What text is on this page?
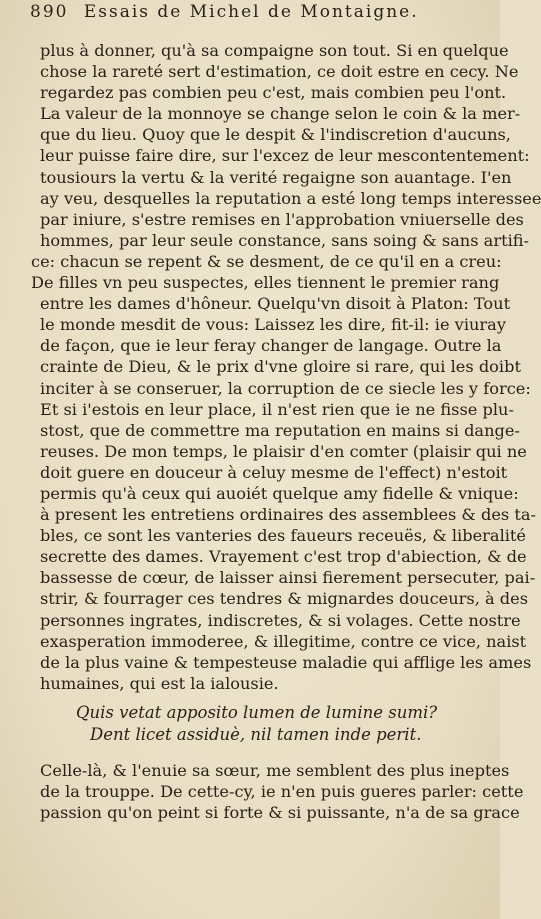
890 Essais de Michel de Montaigne.
plus à donner, qu'à sa compaigne son tout. Si en quelque
chose la rareté sert d'estimation, ce doit estre en cecy. Ne
regardez pas combien peu c'est, mais combien peu l'ont.
La valeur de la monnoye se change selon le coin & la mer-
que du lieu. Quoy que le despit & l'indiscretion d'aucuns,
leur puisse faire dire, sur l'excez de leur mescontentement:
tousiours la vertu & la verité regaigne son auantage. I'en
ay veu, desquelles la reputation a esté long temps interessee
par iniure, s'estre remises en l'approbation vniuerselle des
hommes, par leur seule constance, sans soing & sans artifi-
ce: chacun se repent & se desment, de ce qu'il en a creu:
De filles vn peu suspectes, elles tiennent le premier rang
entre les dames d'hôneur. Quelqu'vn disoit à Platon: Tout
le monde mesdit de vous: Laissez les dire, fit-il: ie viuray
de façon, que ie leur feray changer de langage. Outre la
crainte de Dieu, & le prix d'vne gloire si rare, qui les doibt
inciter à se conseruer, la corruption de ce siecle les y force:
Et si i'estois en leur place, il n'est rien que ie ne fisse plu-
stost, que de commettre ma reputation en mains si dange-
reuses. De mon temps, le plaisir d'en comter (plaisir qui ne
doit guere en douceur à celuy mesme de l'effect) n'estoit
permis qu'à ceux qui auoiét quelque amy fidelle & vnique:
à present les entretiens ordinaires des assemblees & des ta-
bles, ce sont les vanteries des faueurs receuës, & liberalité
secrette des dames. Vrayement c'est trop d'abiection, & de
bassesse de cœur, de laisser ainsi fierement persecuter, pai-
strir, & fourrager ces tendres & mignardes douceurs, à des
personnes ingrates, indiscretes, & si volages. Cette nostre
exasperation immoderee, & illegitime, contre ce vice, naist
de la plus vaine & tempesteuse maladie qui afflige les ames
humaines, qui est la ialousie.
Quis vetat apposito lumen de lumine sumi?
Dent licet assiduè, nil tamen inde perit.
Celle-là, & l'enuie sa sœur, me semblent des plus ineptes
de la trouppe. De cette-cy, ie n'en puis gueres parler: cette
passion qu'on peint si forte & si puissante, n'a de sa grace
